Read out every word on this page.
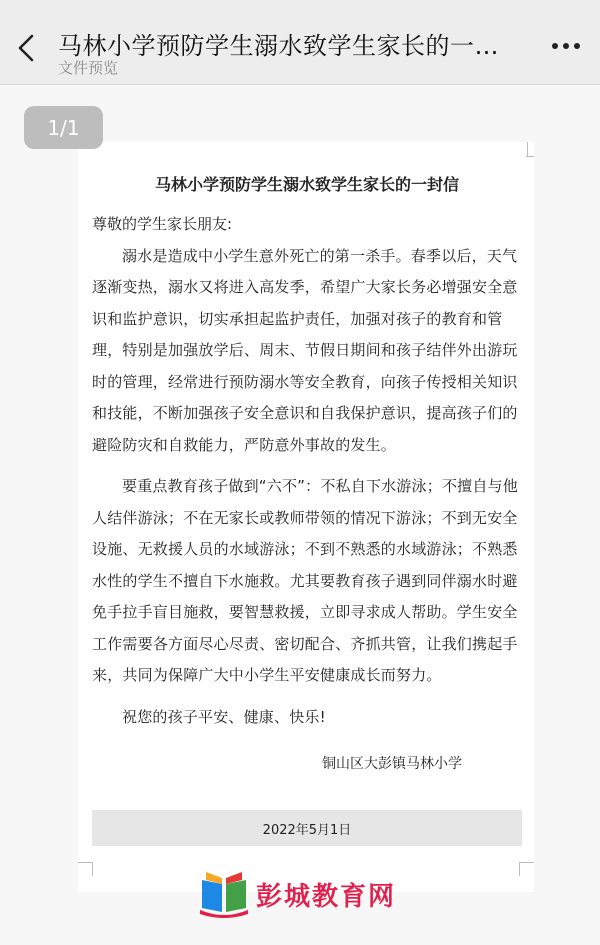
马林小学预防学生溺水致学生家长的一…
文件预览
1/1
马林小学预防学生溺水致学生家长的一封信
尊敬的学生家长朋友:

溺水是造成中小学生意外死亡的第一杀手。春季以后，天气逐渐变热，溺水又将进入高发季，希望广大家长务必增强安全意识和监护意识，切实承担起监护责任，加强对孩子的教育和管理，特别是加强放学后、周末、节假日期间和孩子结伴外出游玩时的管理，经常进行预防溺水等安全教育，向孩子传授相关知识和技能，不断加强孩子安全意识和自我保护意识，提高孩子们的避险防灾和自救能力，严防意外事故的发生。

要重点教育孩子做到“六不”：不私自下水游泳；不擅自与他人结伴游泳；不在无家长或教师带领的情况下游泳；不到无安全设施、无救援人员的水域游泳；不到不熟悉的水域游泳；不熟悉水性的学生不擅自下水施救。尤其要教育孩子遇到同伴溺水时避免手拉手盲目施救，要智慧救援，立即寻求成人帮助。学生安全工作需要各方面尽心尽责、密切配合、齐抓共管，让我们携起手来，共同为保障广大中小学生平安健康成长而努力。

祝您的孩子平安、健康、快乐!

铜山区大彭镇马林小学
2022年5月1日
彭城教育网
